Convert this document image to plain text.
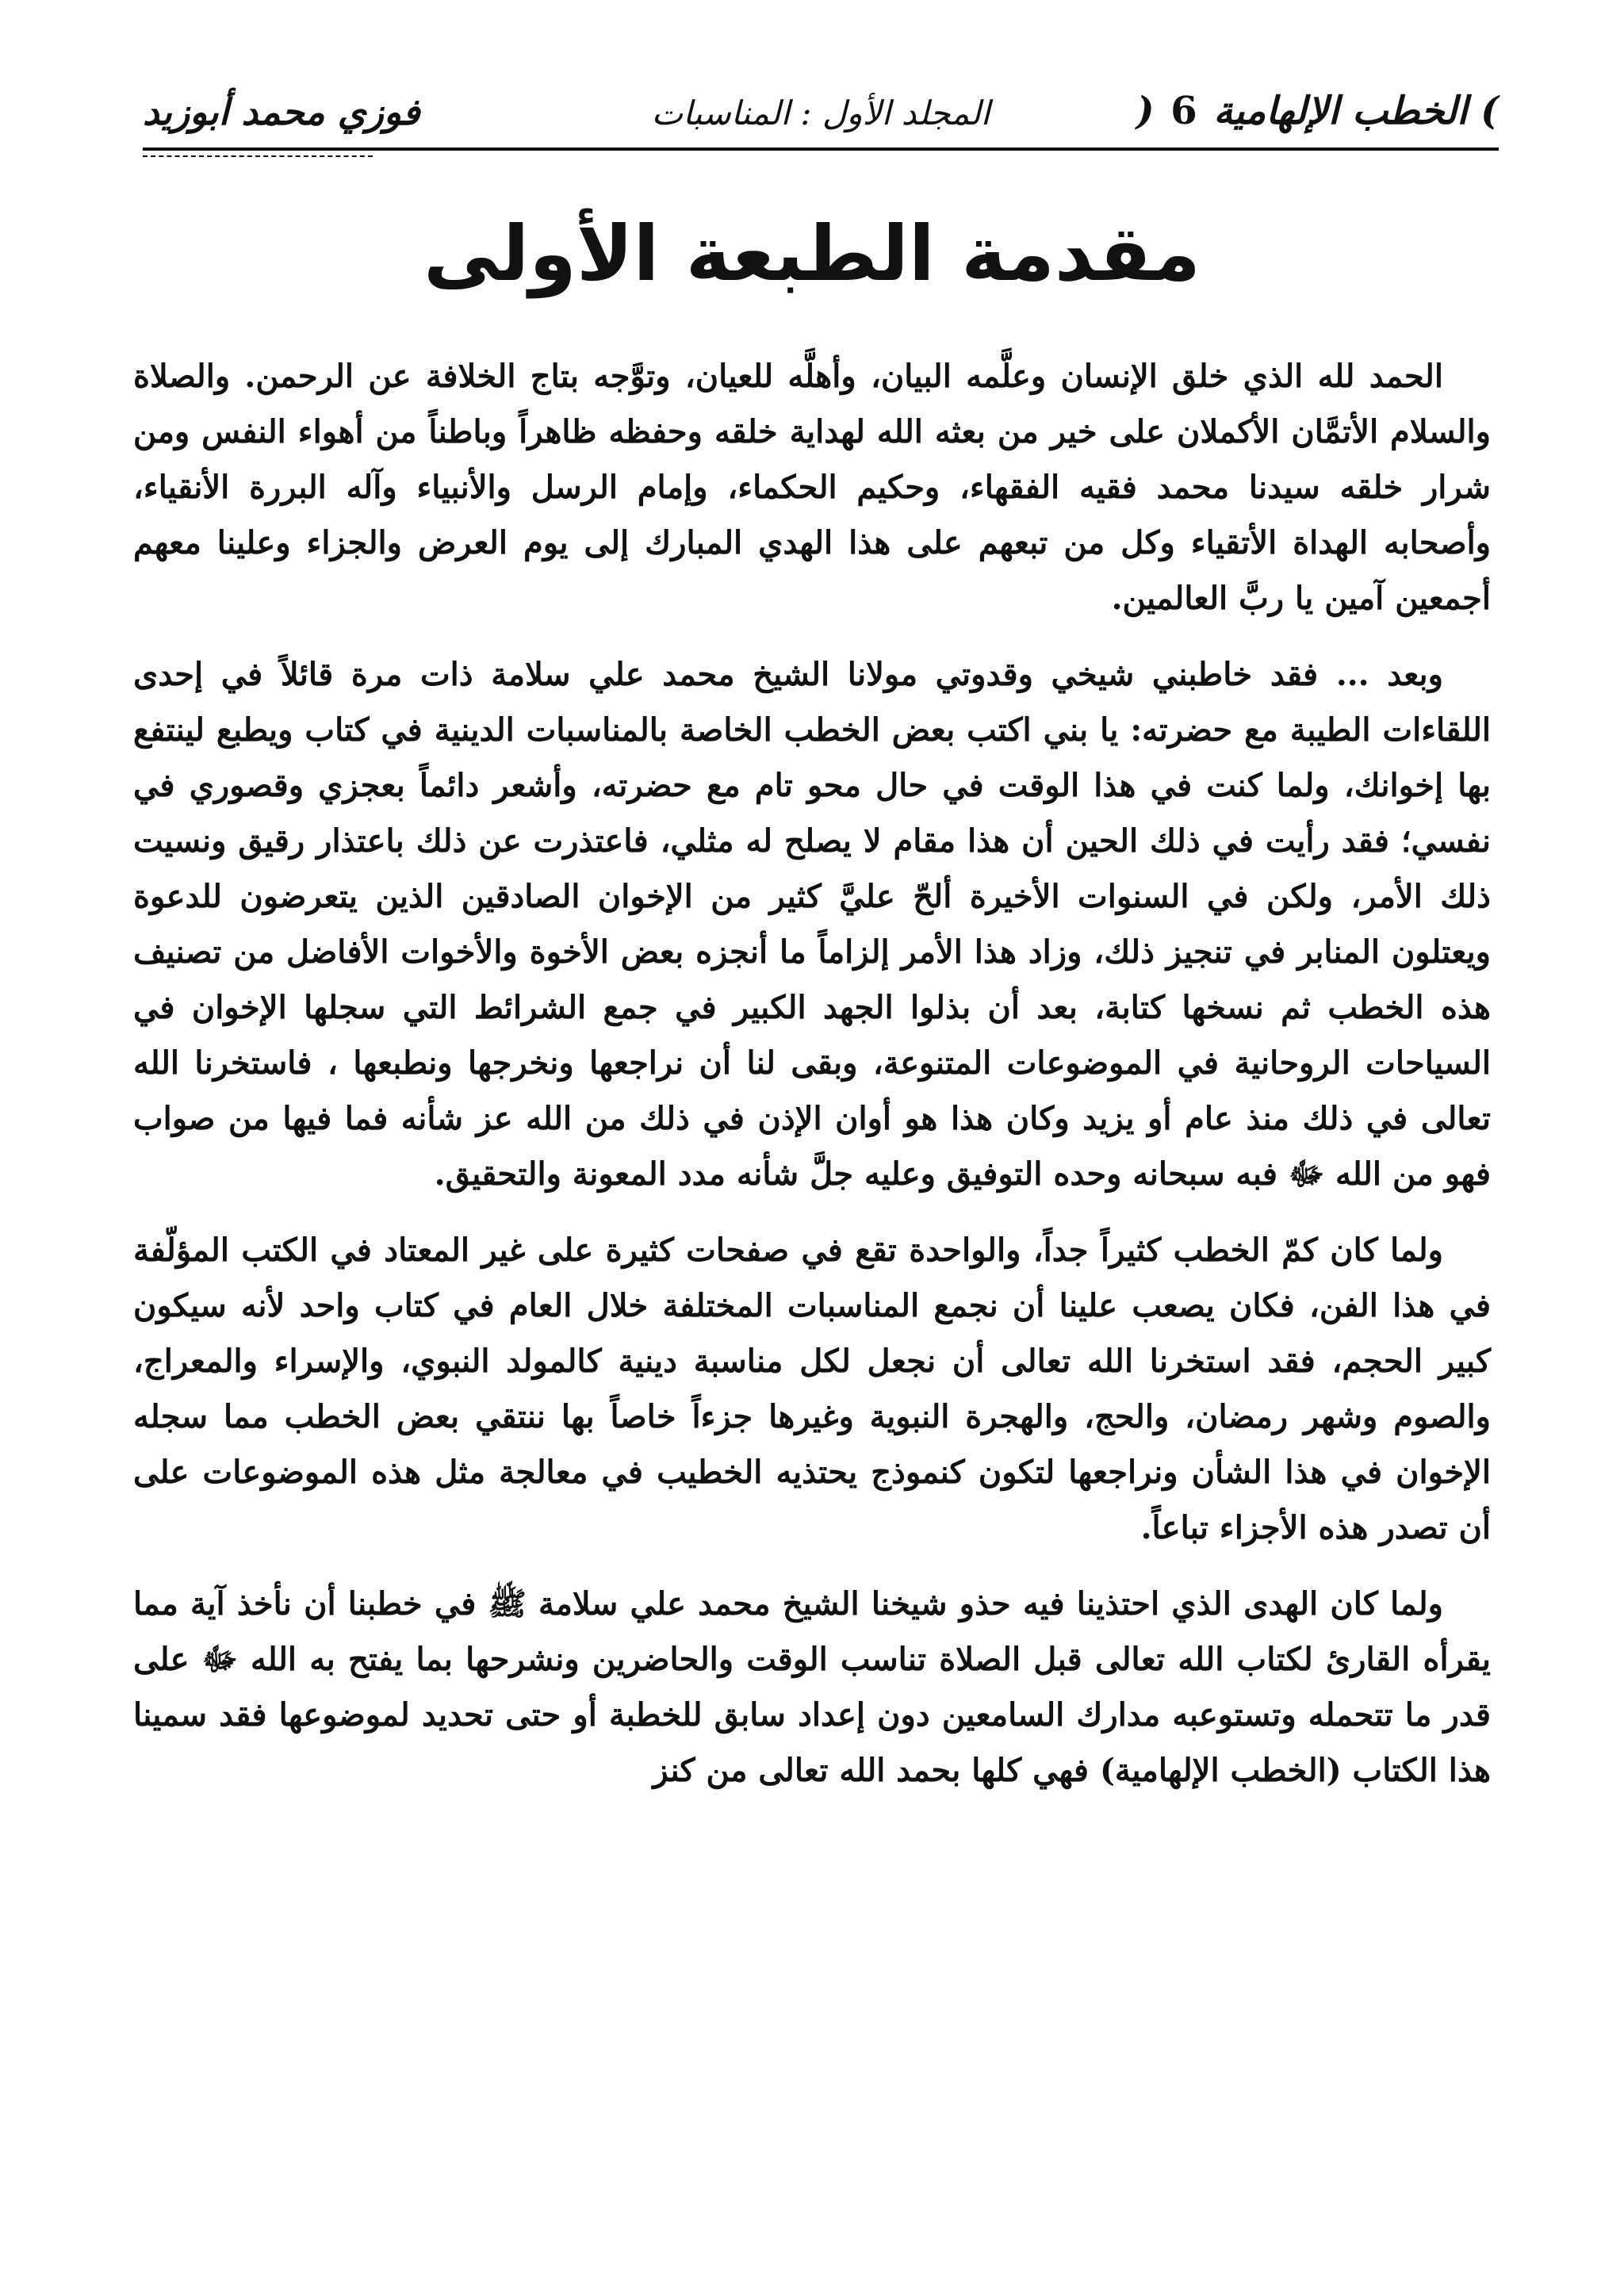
) الخطب الإلهامية 6 (
المجلد الأول : المناسبات
فوزي محمد أبوزيد
مقدمة الطبعة الأولى

الحمد لله الذي خلق الإنسان وعلَّمه البيان، وأهلَّه للعيان، وتوَّجه بتاج الخلافة عن الرحمن. والصلاة والسلام الأتمَّان الأكملان على خير من بعثه الله لهداية خلقه وحفظه ظاهراً وباطناً من أهواء النفس ومن شرار خلقه سيدنا محمد فقيه الفقهاء، وحكيم الحكماء، وإمام الرسل والأنبياء وآله البررة الأنقياء، وأصحابه الهداة الأتقياء وكل من تبعهم على هذا الهدي المبارك إلى يوم العرض والجزاء وعلينا معهم أجمعين آمين يا ربَّ العالمين.

وبعد ... فقد خاطبني شيخي وقدوتي مولانا الشيخ محمد علي سلامة ذات مرة قائلاً في إحدى اللقاءات الطيبة مع حضرته: يا بني اكتب بعض الخطب الخاصة بالمناسبات الدينية في كتاب ويطبع لينتفع بها إخوانك، ولما كنت في هذا الوقت في حال محو تام مع حضرته، وأشعر دائماً بعجزي وقصوري في نفسي؛ فقد رأيت في ذلك الحين أن هذا مقام لا يصلح له مثلي، فاعتذرت عن ذلك باعتذار رقيق ونسيت ذلك الأمر، ولكن في السنوات الأخيرة ألحّ عليَّ كثير من الإخوان الصادقين الذين يتعرضون للدعوة ويعتلون المنابر في تنجيز ذلك، وزاد هذا الأمر إلزاماً ما أنجزه بعض الأخوة والأخوات الأفاضل من تصنيف هذه الخطب ثم نسخها كتابة، بعد أن بذلوا الجهد الكبير في جمع الشرائط التي سجلها الإخوان في السياحات الروحانية في الموضوعات المتنوعة، وبقى لنا أن نراجعها ونخرجها ونطبعها ، فاستخرنا الله تعالى في ذلك منذ عام أو يزيد وكان هذا هو أوان الإذن في ذلك من الله عز شأنه فما فيها من صواب فهو من الله ﷻ فبه سبحانه وحده التوفيق وعليه جلَّ شأنه مدد المعونة والتحقيق.

ولما كان كمّ الخطب كثيراً جداً، والواحدة تقع في صفحات كثيرة على غير المعتاد في الكتب المؤلّفة في هذا الفن، فكان يصعب علينا أن نجمع المناسبات المختلفة خلال العام في كتاب واحد لأنه سيكون كبير الحجم، فقد استخرنا الله تعالى أن نجعل لكل مناسبة دينية كالمولد النبوي، والإسراء والمعراج، والصوم وشهر رمضان، والحج، والهجرة النبوية وغيرها جزءاً خاصاً بها ننتقي بعض الخطب مما سجله الإخوان في هذا الشأن ونراجعها لتكون كنموذج يحتذيه الخطيب في معالجة مثل هذه الموضوعات على أن تصدر هذه الأجزاء تباعاً.

ولما كان الهدى الذي احتذينا فيه حذو شيخنا الشيخ محمد علي سلامة ﷺ في خطبنا أن نأخذ آية مما يقرأه القارئ لكتاب الله تعالى قبل الصلاة تناسب الوقت والحاضرين ونشرحها بما يفتح به الله ﷻ على قدر ما تتحمله وتستوعبه مدارك السامعين دون إعداد سابق للخطبة أو حتى تحديد لموضوعها فقد سمينا هذا الكتاب (الخطب الإلهامية) فهي كلها بحمد الله تعالى من كنز
